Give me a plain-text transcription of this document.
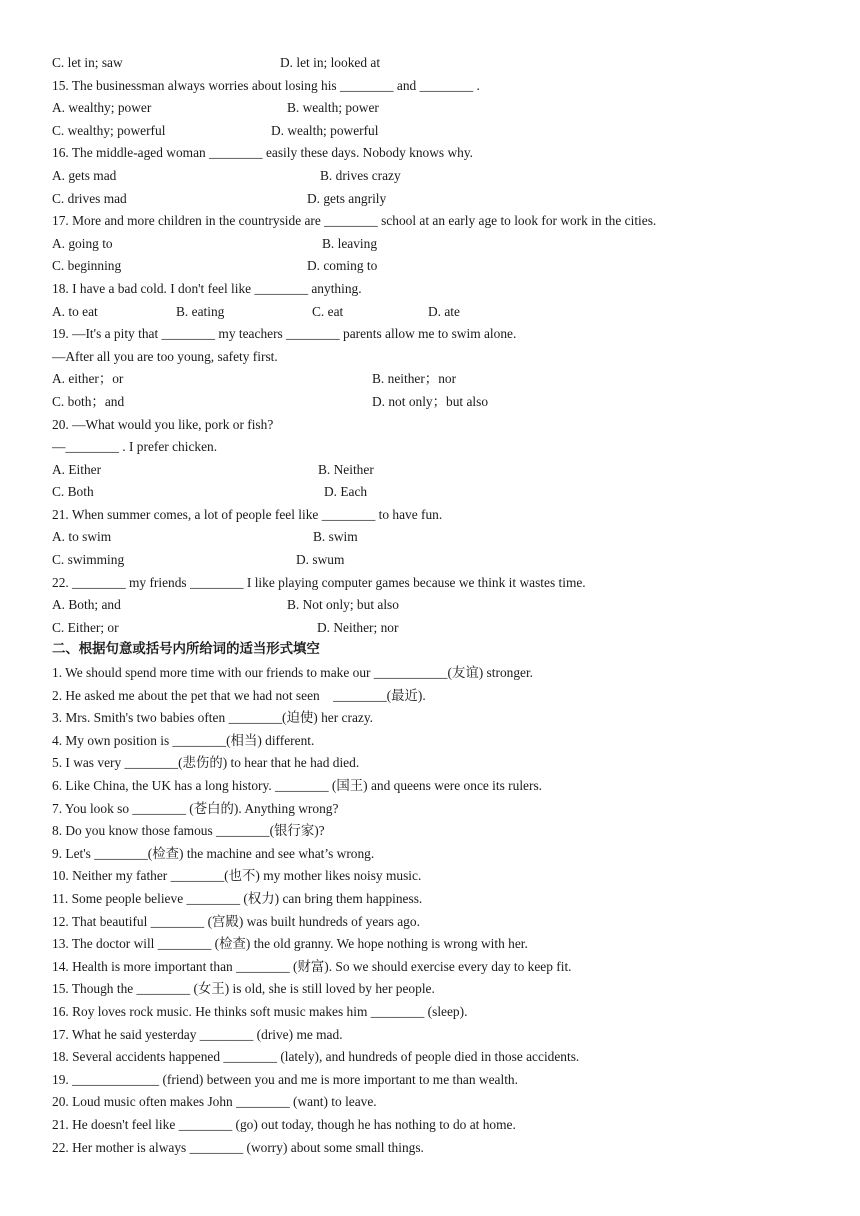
C. let in; saw	D. let in; looked at
15. The businessman always worries about losing his ________ and ________ .
A. wealthy; power	B. wealth; power
C. wealthy; powerful	D. wealth; powerful
16. The middle-aged woman ________ easily these days. Nobody knows why.
A. gets mad	B. drives crazy
C. drives mad	D. gets angrily
17. More and more children in the countryside are ________ school at an early age to look for work in the cities.
A. going to	B. leaving
C. beginning	D. coming to
18. I have a bad cold. I don't feel like ________ anything.
A. to eat	B. eating	C. eat	D. ate
19. —It's a pity that ________ my teachers ________ parents allow me to swim alone.
—After all you are too young, safety first.
A. either；or	B. neither；nor
C. both；and	D. not only；but also
20. —What would you like, pork or fish?
—________ . I prefer chicken.
A. Either	B. Neither
C. Both	D. Each
21. When summer comes, a lot of people feel like ________ to have fun.
A. to swim	B. swim
C. swimming	D. swum
22. ________ my friends ________ I like playing computer games because we think it wastes time.
A. Both; and	B. Not only; but also
C. Either; or	D. Neither; nor
二、根据句意或括号内所给词的适当形式填空
1. We should spend more time with our friends to make our ___________(友谊) stronger.
2. He asked me about the pet that we had not seen    ________(最近).
3. Mrs. Smith's two babies often ________(迫使) her crazy.
4. My own position is ________(相当) different.
5. I was very ________(悲伤的) to hear that he had died.
6. Like China, the UK has a long history. ________ (国王) and queens were once its rulers.
7. You look so ________ (苍白的). Anything wrong?
8. Do you know those famous ________(银行家)?
9. Let's ________(检查) the machine and see what’s wrong.
10. Neither my father ________(也不) my mother likes noisy music.
11. Some people believe ________ (权力) can bring them happiness.
12. That beautiful ________ (宫殿) was built hundreds of years ago.
13. The doctor will ________ (检查) the old granny. We hope nothing is wrong with her.
14. Health is more important than ________ (财富). So we should exercise every day to keep fit.
15. Though the ________ (女王) is old, she is still loved by her people.
16. Roy loves rock music. He thinks soft music makes him ________ (sleep).
17. What he said yesterday ________ (drive) me mad.
18. Several accidents happened ________ (lately), and hundreds of people died in those accidents.
19. _____________ (friend) between you and me is more important to me than wealth.
20. Loud music often makes John ________ (want) to leave.
21. He doesn't feel like ________ (go) out today, though he has nothing to do at home.
22. Her mother is always ________ (worry) about some small things.
